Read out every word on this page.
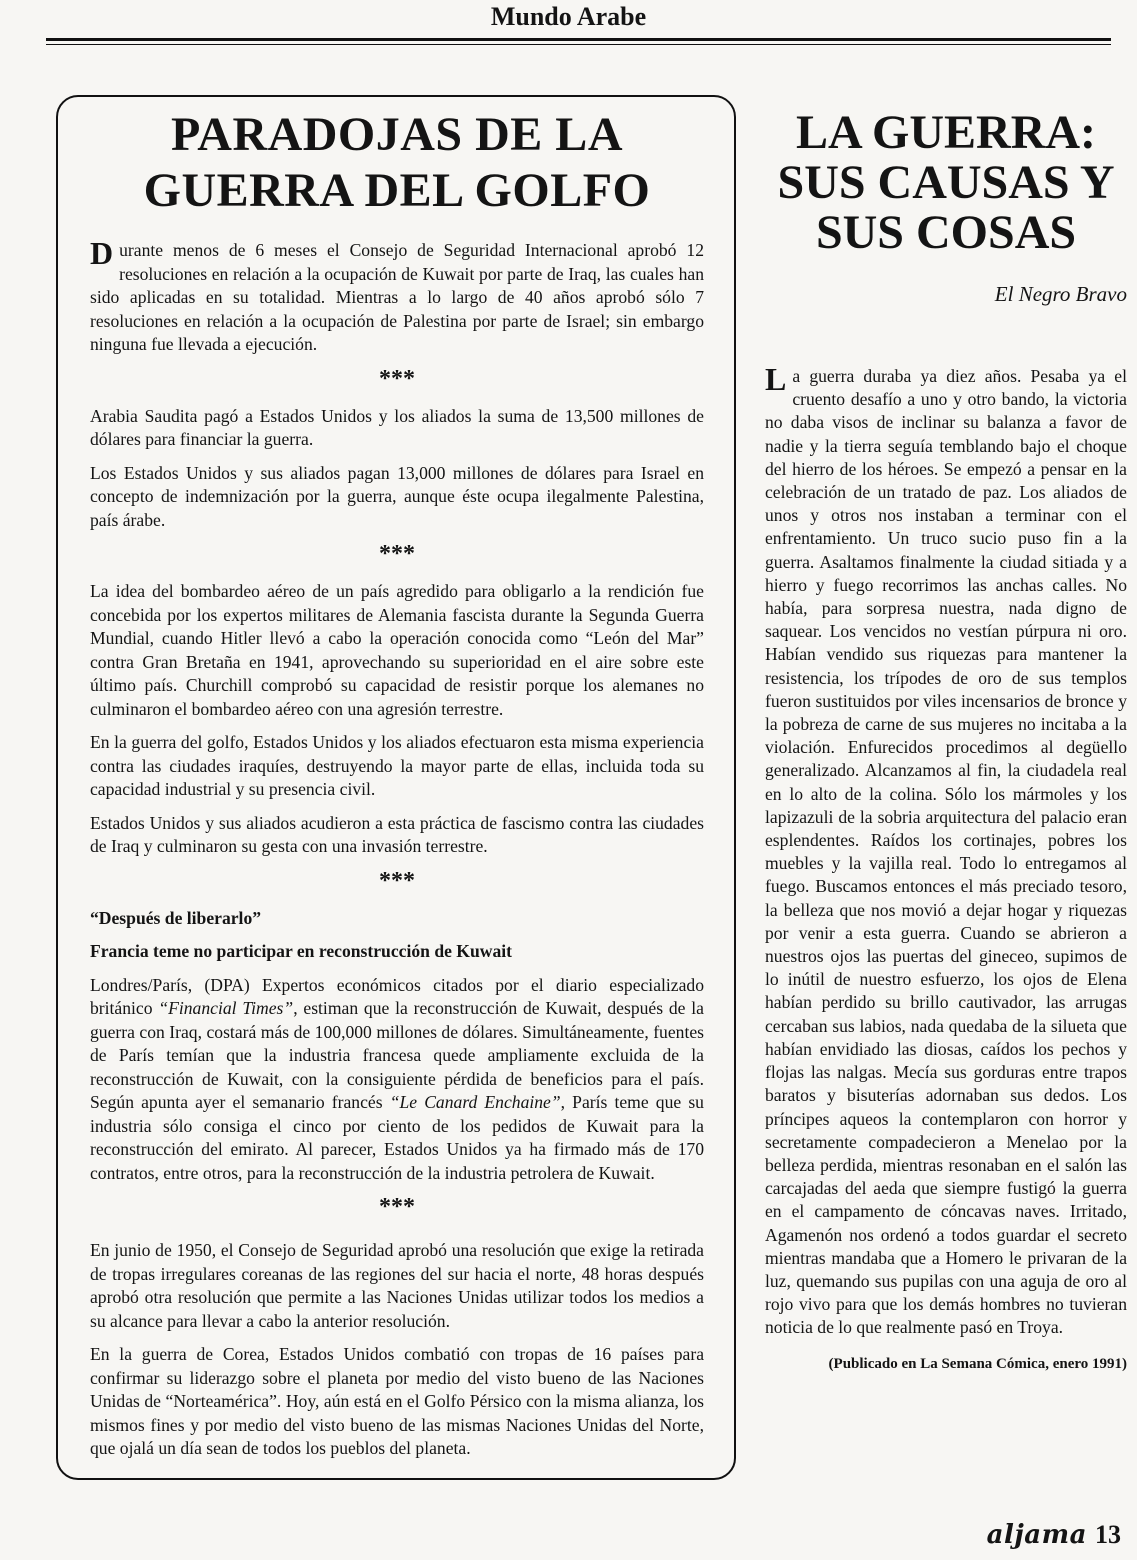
Mundo Arabe
PARADOJAS DE LA GUERRA DEL GOLFO

Durante menos de 6 meses el Consejo de Seguridad Internacional aprobó 12 resoluciones en relación a la ocupación de Kuwait por parte de Iraq, las cuales han sido aplicadas en su totalidad. Mientras a lo largo de 40 años aprobó sólo 7 resoluciones en relación a la ocupación de Palestina por parte de Israel; sin embargo ninguna fue llevada a ejecución.

***

Arabia Saudita pagó a Estados Unidos y los aliados la suma de 13,500 millones de dólares para financiar la guerra.

Los Estados Unidos y sus aliados pagan 13,000 millones de dólares para Israel en concepto de indemnización por la guerra, aunque éste ocupa ilegalmente Palestina, país árabe.

***

La idea del bombardeo aéreo de un país agredido para obligarlo a la rendición fue concebida por los expertos militares de Alemania fascista durante la Segunda Guerra Mundial, cuando Hitler llevó a cabo la operación conocida como “León del Mar” contra Gran Bretaña en 1941, aprovechando su superioridad en el aire sobre este último país. Churchill comprobó su capacidad de resistir porque los alemanes no culminaron el bombardeo aéreo con una agresión terrestre.

En la guerra del golfo, Estados Unidos y los aliados efectuaron esta misma experiencia contra las ciudades iraquíes, destruyendo la mayor parte de ellas, incluida toda su capacidad industrial y su presencia civil.

Estados Unidos y sus aliados acudieron a esta práctica de fascismo contra las ciudades de Iraq y culminaron su gesta con una invasión terrestre.

***

“Después de liberarlo”

Francia teme no participar en reconstrucción de Kuwait

Londres/París, (DPA) Expertos económicos citados por el diario especializado británico “Financial Times”, estiman que la reconstrucción de Kuwait, después de la guerra con Iraq, costará más de 100,000 millones de dólares. Simultáneamente, fuentes de París temían que la industria francesa quede ampliamente excluida de la reconstrucción de Kuwait, con la consiguiente pérdida de beneficios para el país. Según apunta ayer el semanario francés “Le Canard Enchaine”, París teme que su industria sólo consiga el cinco por ciento de los pedidos de Kuwait para la reconstrucción del emirato. Al parecer, Estados Unidos ya ha firmado más de 170 contratos, entre otros, para la reconstrucción de la industria petrolera de Kuwait.

***

En junio de 1950, el Consejo de Seguridad aprobó una resolución que exige la retirada de tropas irregulares coreanas de las regiones del sur hacia el norte, 48 horas después aprobó otra resolución que permite a las Naciones Unidas utilizar todos los medios a su alcance para llevar a cabo la anterior resolución.

En la guerra de Corea, Estados Unidos combatió con tropas de 16 países para confirmar su liderazgo sobre el planeta por medio del visto bueno de las Naciones Unidas de “Norteamérica”. Hoy, aún está en el Golfo Pérsico con la misma alianza, los mismos fines y por medio del visto bueno de las mismas Naciones Unidas del Norte, que ojalá un día sean de todos los pueblos del planeta.

LA GUERRA: SUS CAUSAS Y SUS COSAS
El Negro Bravo

La guerra duraba ya diez años. Pesaba ya el cruento desafío a uno y otro bando, la victoria no daba visos de inclinar su balanza a favor de nadie y la tierra seguía temblando bajo el choque del hierro de los héroes. Se empezó a pensar en la celebración de un tratado de paz. Los aliados de unos y otros nos instaban a terminar con el enfrentamiento. Un truco sucio puso fin a la guerra. Asaltamos finalmente la ciudad sitiada y a hierro y fuego recorrimos las anchas calles. No había, para sorpresa nuestra, nada digno de saquear. Los vencidos no vestían púrpura ni oro. Habían vendido sus riquezas para mantener la resistencia, los trípodes de oro de sus templos fueron sustituidos por viles incensarios de bronce y la pobreza de carne de sus mujeres no incitaba a la violación. Enfurecidos procedimos al degüello generalizado. Alcanzamos al fin, la ciudadela real en lo alto de la colina. Sólo los mármoles y los lapizazuli de la sobria arquitectura del palacio eran esplendentes. Raídos los cortinajes, pobres los muebles y la vajilla real. Todo lo entregamos al fuego. Buscamos entonces el más preciado tesoro, la belleza que nos movió a dejar hogar y riquezas por venir a esta guerra. Cuando se abrieron a nuestros ojos las puertas del gineceo, supimos de lo inútil de nuestro esfuerzo, los ojos de Elena habían perdido su brillo cautivador, las arrugas cercaban sus labios, nada quedaba de la silueta que habían envidiado las diosas, caídos los pechos y flojas las nalgas. Mecía sus gorduras entre trapos baratos y bisuterías adornaban sus dedos. Los príncipes aqueos la contemplaron con horror y secretamente compadecieron a Menelao por la belleza perdida, mientras resonaban en el salón las carcajadas del aeda que siempre fustigó la guerra en el campamento de cóncavas naves. Irritado, Agamenón nos ordenó a todos guardar el secreto mientras mandaba que a Homero le privaran de la luz, quemando sus pupilas con una aguja de oro al rojo vivo para que los demás hombres no tuvieran noticia de lo que realmente pasó en Troya.

(Publicado en La Semana Cómica, enero 1991)
aljama 13
